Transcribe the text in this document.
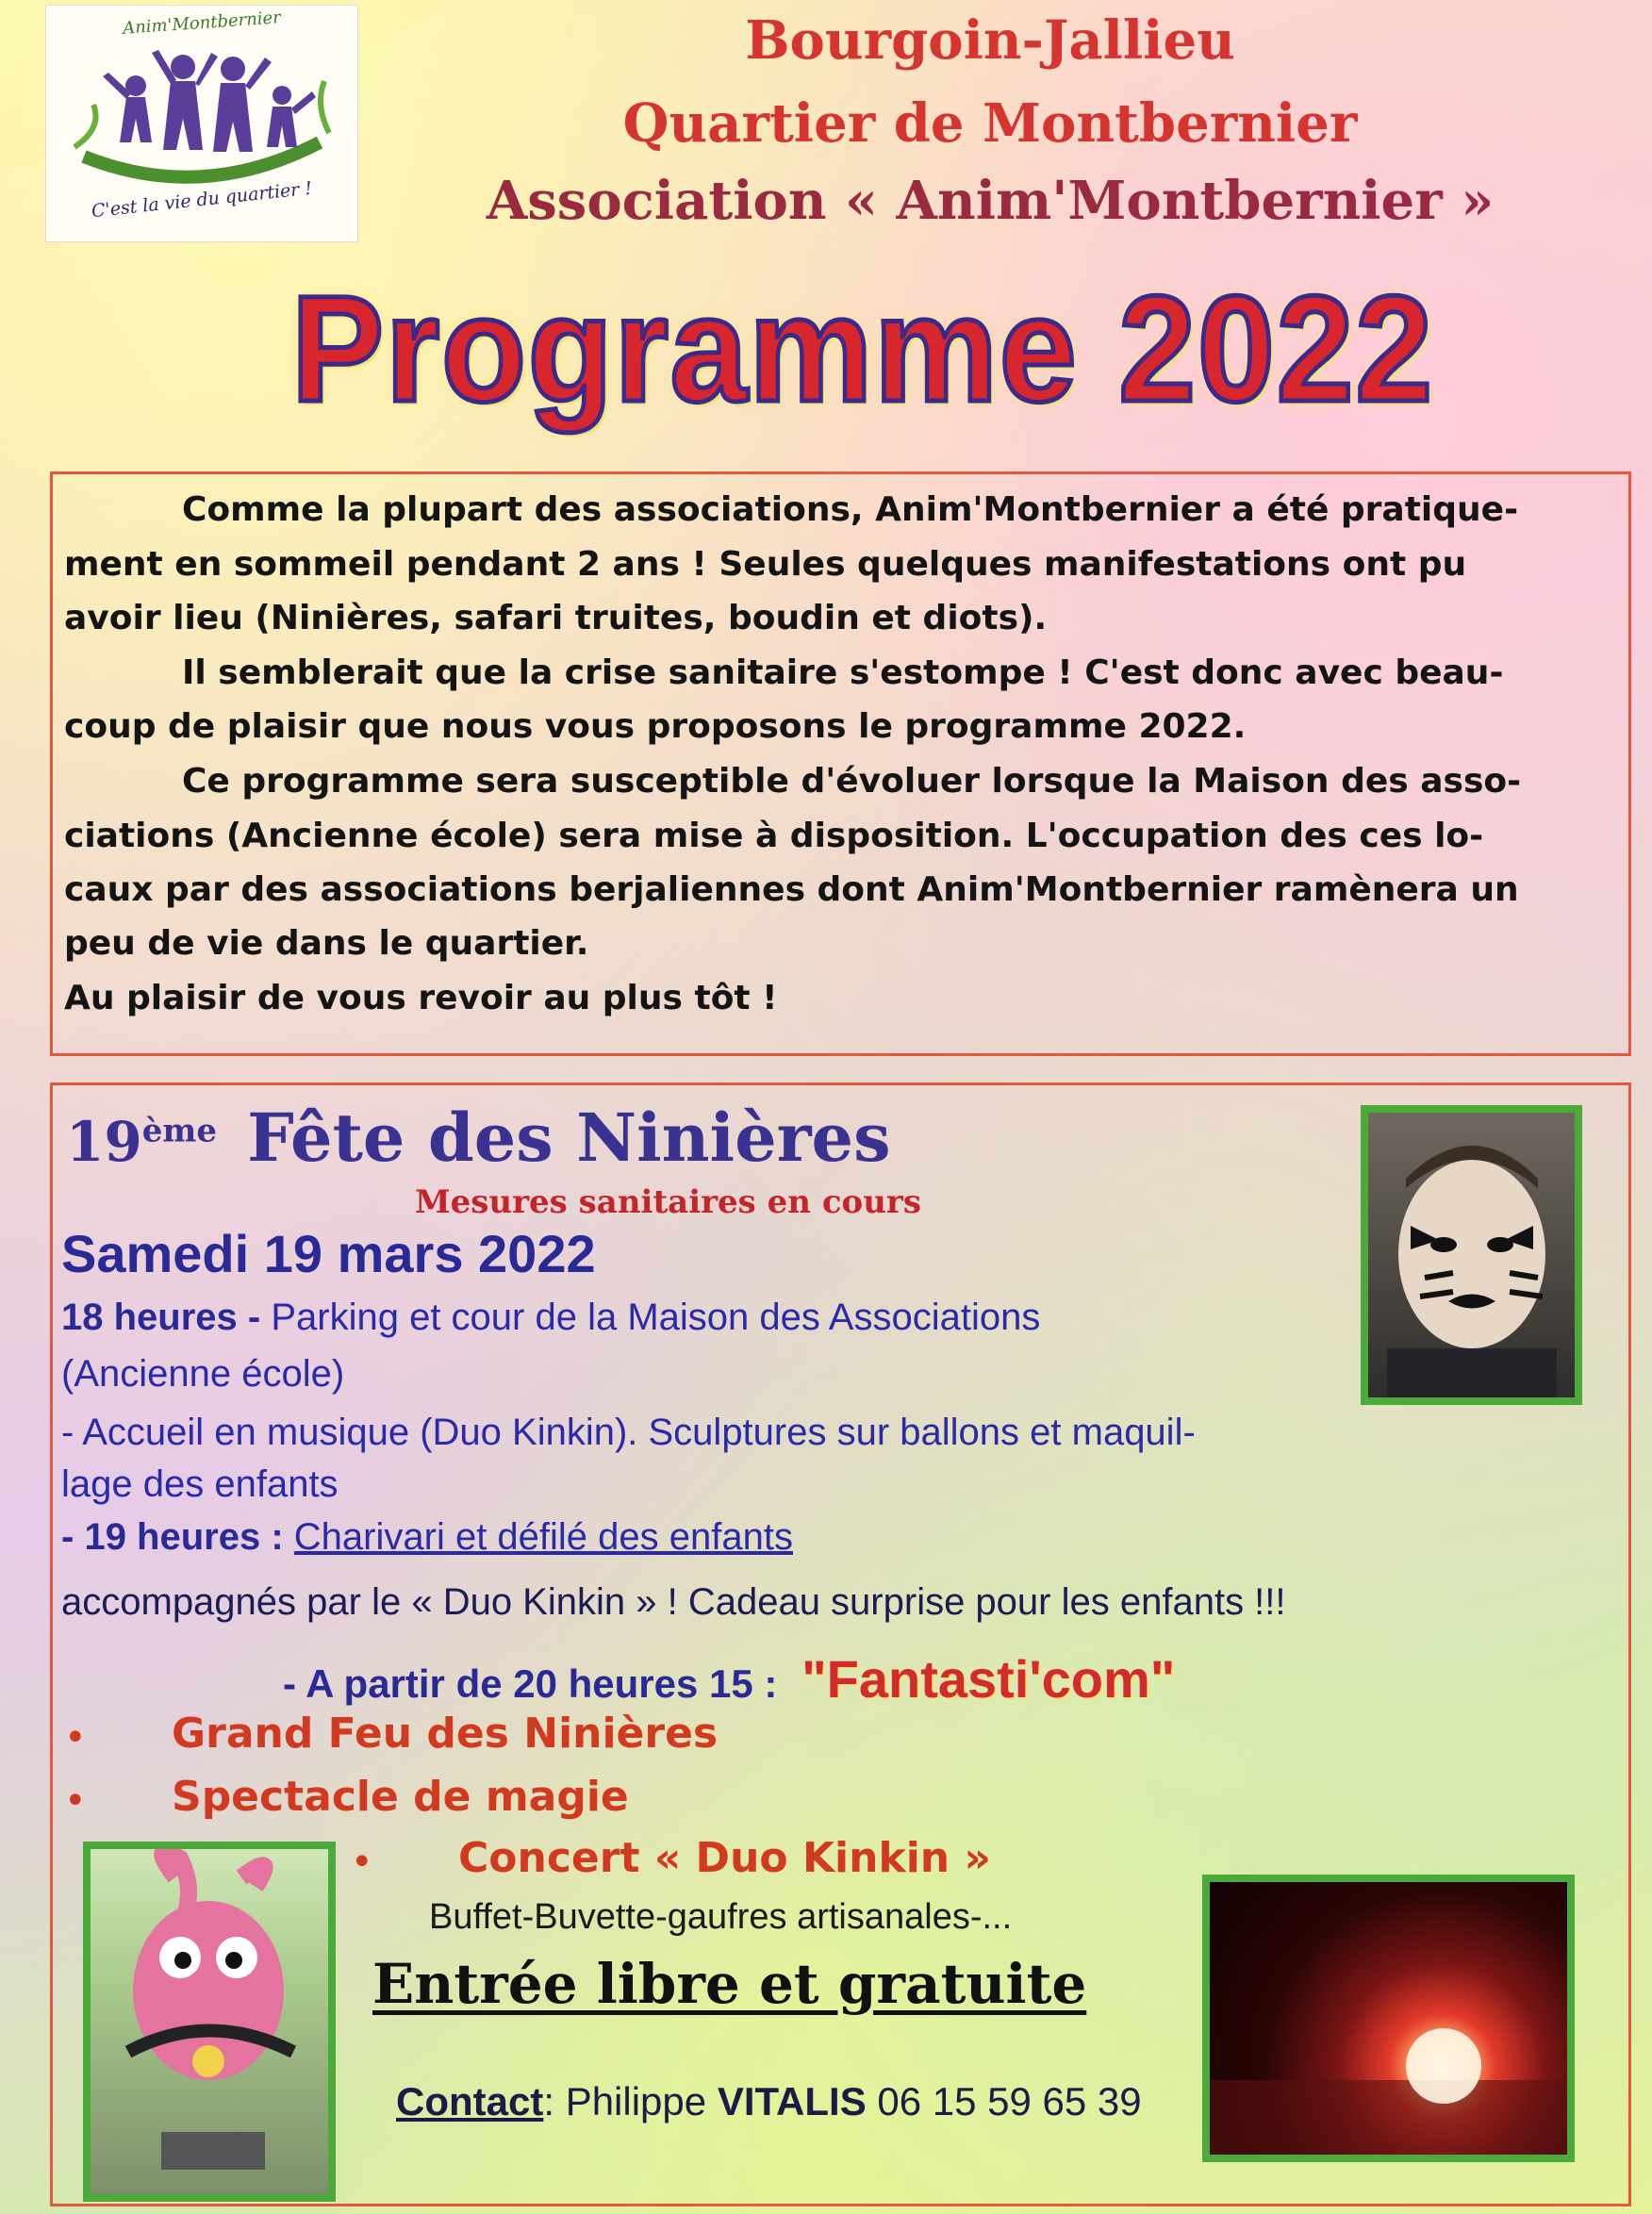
Anim'Montbernier
C'est la vie du quartier !
Bourgoin-Jallieu
Quartier de Montbernier
Association « Anim'Montbernier »
Programme 2022
Comme la plupart des associations, Anim'Montbernier a été pratique-
ment en sommeil pendant 2 ans ! Seules quelques manifestations ont pu
avoir lieu (Ninières, safari truites, boudin et diots).
Il semblerait que la crise sanitaire s'estompe ! C'est donc avec beau-
coup de plaisir que nous vous proposons le programme 2022.
Ce programme sera susceptible d'évoluer lorsque la Maison des asso-
ciations (Ancienne école) sera mise à disposition. L'occupation des ces lo-
caux par des associations berjaliennes dont Anim'Montbernier ramènera un
peu de vie dans le quartier.
Au plaisir de vous revoir au plus tôt !
19ème Fête des Ninières
Mesures sanitaires en cours
Samedi 19 mars 2022
18 heures - Parking et cour de la Maison des Associations
(Ancienne école)
- Accueil en musique (Duo Kinkin). Sculptures sur ballons et maquil-
lage des enfants
- 19 heures : Charivari et défilé des enfants
accompagnés par le « Duo Kinkin » ! Cadeau surprise pour les enfants !!!
- A partir de 20 heures 15 : "Fantasti'com"
• Grand Feu des Ninières
• Spectacle de magie
• Concert « Duo Kinkin »
Buffet-Buvette-gaufres artisanales-...
Entrée libre et gratuite
Contact: Philippe VITALIS 06 15 59 65 39
